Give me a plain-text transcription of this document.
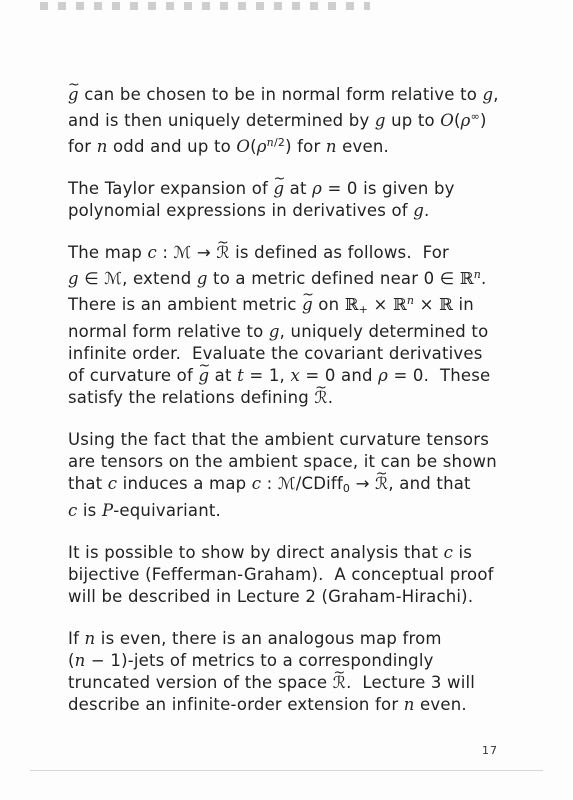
~ g can be chosen to be in normal form relative to g,
and is then uniquely determined by g up to O(ρ∞)
for n odd and up to $O(\rho^{n/2})$ for n even.

The Taylor expansion of ~ g at ρ = 0 is given by
polynomial expressions in derivatives of g.

The map c : ℳ → ~ ℛ is defined as follows.  For
g ∈ ℳ, extend g to a metric defined near 0 ∈ ℝ$^n$.
There is an ambient metric ~ g on ℝ$_+$ × ℝ$^n$ × ℝ in
normal form relative to g, uniquely determined to
infinite order.  Evaluate the covariant derivatives
of curvature of ~ g at t = 1, x = 0 and ρ = 0.  These
satisfy the relations defining ~ ℛ.

Using the fact that the ambient curvature tensors
are tensors on the ambient space, it can be shown
that c induces a map c : ℳ/CDiff$_0$ → ~ ℛ, and that
c is P-equivariant.

It is possible to show by direct analysis that c is
bijective (Fefferman-Graham).  A conceptual proof
will be described in Lecture 2 (Graham-Hirachi).

If n is even, there is an analogous map from
(n − 1)-jets of metrics to a correspondingly
truncated version of the space ~ ℛ.  Lecture 3 will
describe an infinite-order extension for n even.

17
